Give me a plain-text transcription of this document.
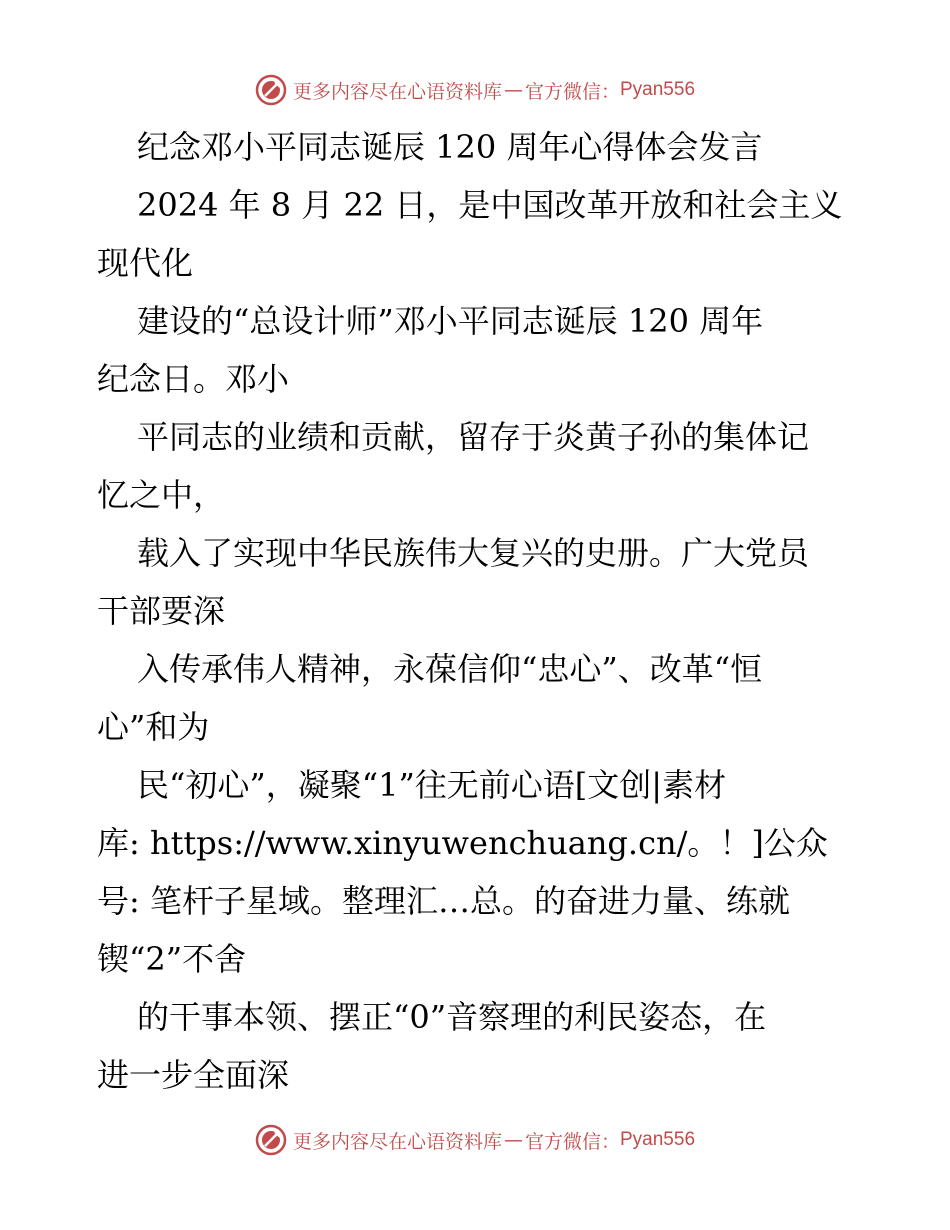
更多内容尽在心语资料库 — 官方微信： Pyan556
纪念邓小平同志诞辰 120 周年心得体会发言
2024 年 8 月 22 日，是中国改革开放和社会主义
现代化
建设的“总设计师”邓小平同志诞辰 120 周年
纪念日。邓小
平同志的业绩和贡献，留存于炎黄子孙的集体记
忆之中，
载入了实现中华民族伟大复兴的史册。广大党员
干部要深
入传承伟人精神，永葆信仰“忠心”、改革“恒
心”和为
民“初心”，凝聚“1”往无前心语[文创|素材
库: https://www.xinyuwenchuang.cn/。！]公众
号: 笔杆子星域。整理汇…总。的奋进力量、练就
锲“2”不舍
的干事本领、摆正“0”音察理的利民姿态，在
进一步全面深
更多内容尽在心语资料库 — 官方微信： Pyan556
